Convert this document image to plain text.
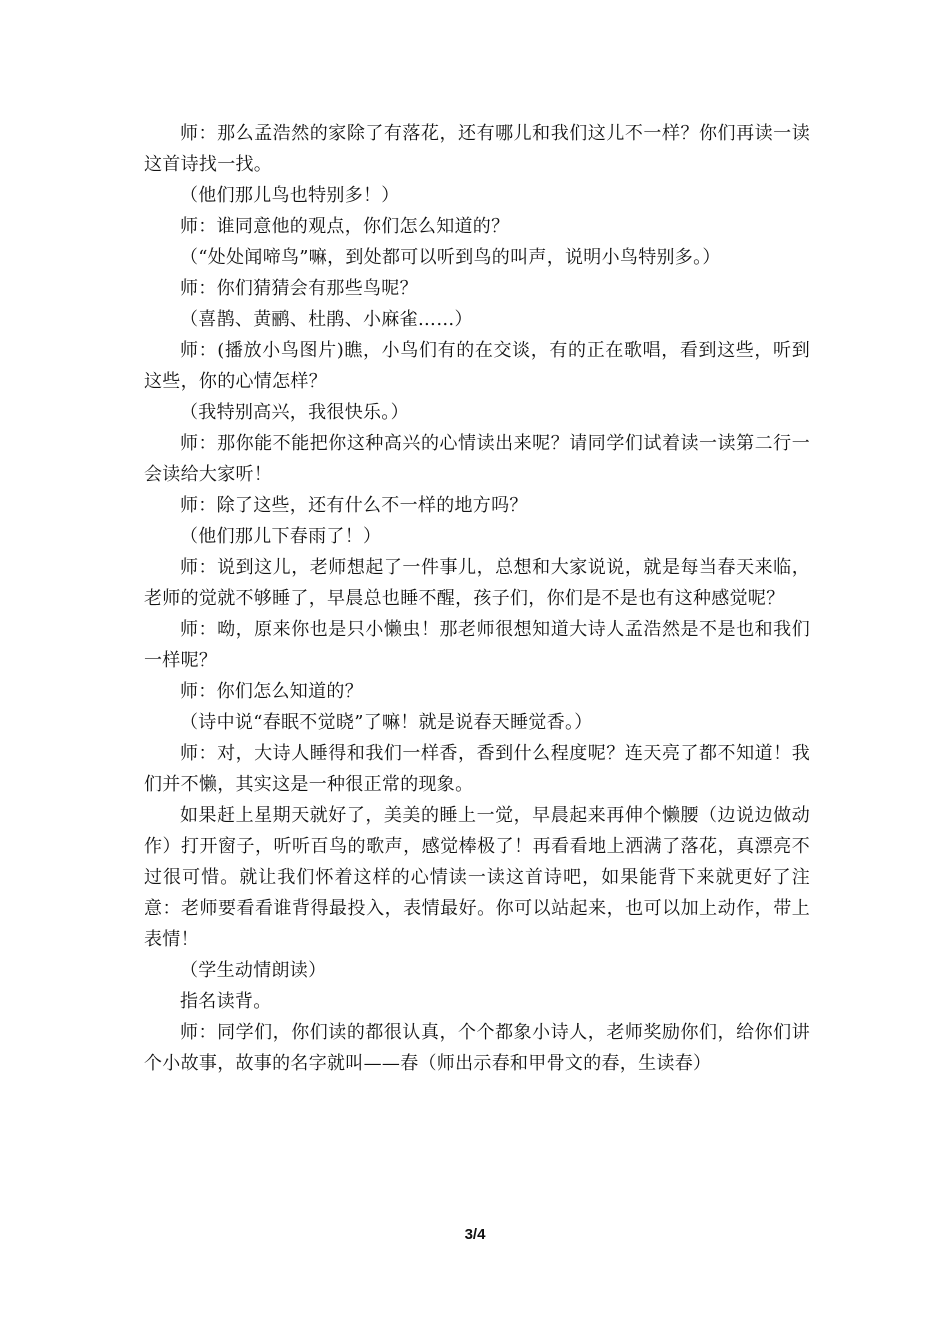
师：那么孟浩然的家除了有落花，还有哪儿和我们这儿不一样？你们再读一读这首诗找一找。

（他们那儿鸟也特别多！）

师：谁同意他的观点，你们怎么知道的？

（“处处闻啼鸟”嘛，到处都可以听到鸟的叫声，说明小鸟特别多。）

师：你们猜猜会有那些鸟呢？

（喜鹊、黄鹂、杜鹃、小麻雀……）

师：(播放小鸟图片)瞧，小鸟们有的在交谈，有的正在歌唱，看到这些，听到这些，你的心情怎样？

（我特别高兴，我很快乐。）

师：那你能不能把你这种高兴的心情读出来呢？请同学们试着读一读第二行一会读给大家听！

师：除了这些，还有什么不一样的地方吗？

（他们那儿下春雨了！）

师：说到这儿，老师想起了一件事儿，总想和大家说说，就是每当春天来临，老师的觉就不够睡了，早晨总也睡不醒，孩子们，你们是不是也有这种感觉呢？

师：呦，原来你也是只小懒虫！那老师很想知道大诗人孟浩然是不是也和我们一样呢？

师：你们怎么知道的？

（诗中说“春眠不觉晓”了嘛！就是说春天睡觉香。）

师：对，大诗人睡得和我们一样香，香到什么程度呢？连天亮了都不知道！我们并不懒，其实这是一种很正常的现象。

如果赶上星期天就好了，美美的睡上一觉，早晨起来再伸个懒腰（边说边做动作）打开窗子，听听百鸟的歌声，感觉棒极了！再看看地上洒满了落花，真漂亮不过很可惜。就让我们怀着这样的心情读一读这首诗吧，如果能背下来就更好了注意：老师要看看谁背得最投入，表情最好。你可以站起来，也可以加上动作，带上表情！

（学生动情朗读）

指名读背。

师：同学们，你们读的都很认真，个个都象小诗人，老师奖励你们，给你们讲个小故事，故事的名字就叫——春（师出示春和甲骨文的春，生读春）

3/4
